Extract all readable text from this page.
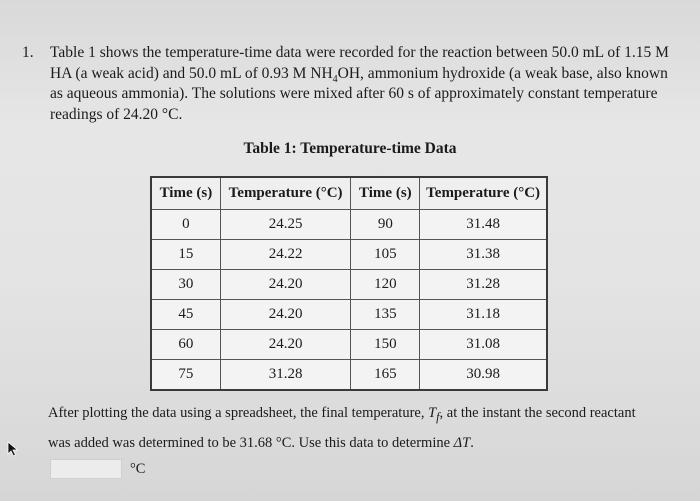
1.	Table 1 shows the temperature-time data were recorded for the reaction between 50.0 mL of 1.15 M
HA (a weak acid) and 50.0 mL of 0.93 M $NH_4OH$, ammonium hydroxide (a weak base, also known
as aqueous ammonia). The solutions were mixed after 60 s of approximately constant temperature
readings of 24.20 °C.
Table 1: Temperature-time Data
Time (s)	Temperature (°C)	Time (s)	Temperature (°C)
0	24.25	90	31.48
15	24.22	105	31.38
30	24.20	120	31.28
45	24.20	135	31.18
60	24.20	150	31.08
75	31.28	165	30.98
After plotting the data using a spreadsheet, the final temperature, $T_f$, at the instant the second reactant
was added was determined to be 31.68 °C. Use this data to determine ΔT.
°C
